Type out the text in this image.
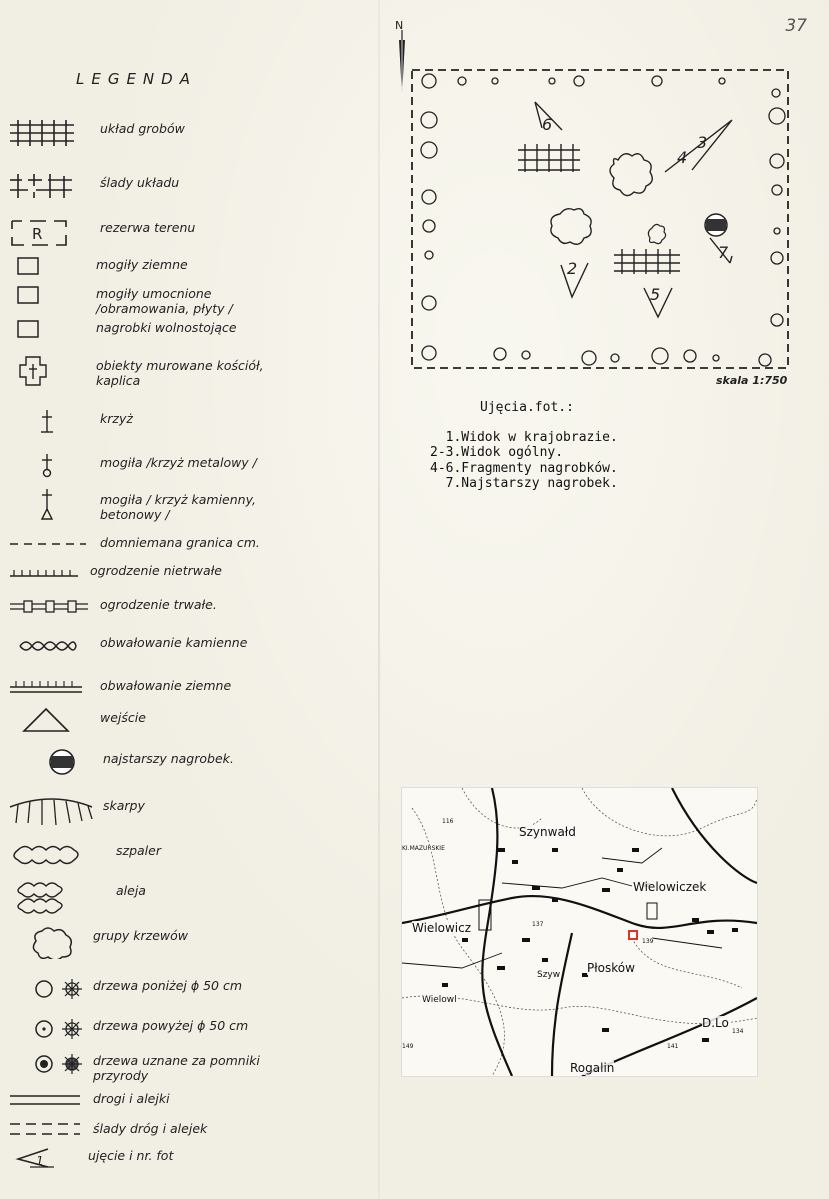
37
LEGENDA
układ grobów
ślady układu
R	rezerwa terenu
mogiły ziemne
mogiły umocnione /obramowania, płyty /
nagrobki wolnostojące
obiekty murowane kościół, kaplica
krzyż
mogiła /krzyż metalowy /
mogiła / krzyż kamienny, betonowy /
domniemana granica cm.
ogrodzenie nietrwałe
ogrodzenie trwałe.
obwałowanie kamienne
obwałowanie ziemne
wejście
najstarszy nagrobek.
skarpy
szpaler
aleja
grupy krzewów
drzewa poniżej ϕ 50 cm
drzewa powyżej ϕ 50 cm
drzewa uznane za pomniki przyrody
drogi i alejki
ślady dróg i alejek
1	ujęcie i nr. fot
N
6
3
4
2
5
7
skala 1:750
Ujęcia.fot.:
1.Widok w krajobrazie.
2-3.Widok ogólny.
4-6.Fragmenty nagrobków.
7.Najstarszy nagrobek.
Szynwałd
Wielowiczek
Wielowicz
Płosków
Rogalin
D.Lo
KI.MAZURSKIE
Wielowl
Szyw
116
137
139
134
149	141
